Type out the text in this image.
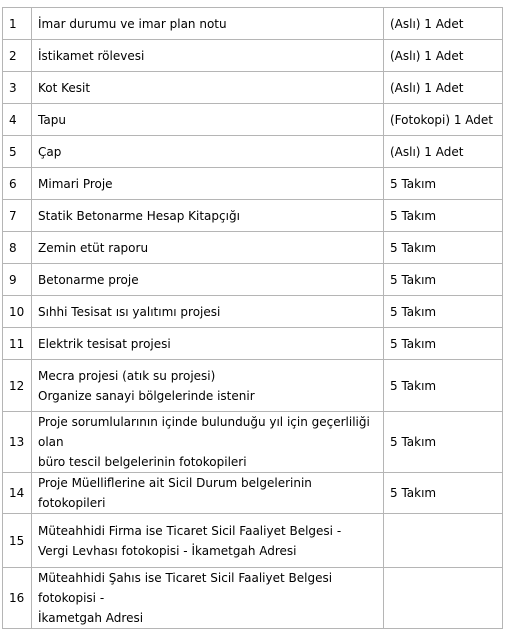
1	İmar durumu ve imar plan notu	(Aslı) 1 Adet
2	İstikamet rölevesi	(Aslı) 1 Adet
3	Kot Kesit	(Aslı) 1 Adet
4	Tapu	(Fotokopi) 1 Adet
5	Çap	(Aslı) 1 Adet
6	Mimari Proje	5 Takım
7	Statik Betonarme Hesap Kitapçığı	5 Takım
8	Zemin etüt raporu	5 Takım
9	Betonarme proje	5 Takım
10	Sıhhi Tesisat ısı yalıtımı projesi	5 Takım
11	Elektrik tesisat projesi	5 Takım
12	Mecra projesi (atık su projesi)
Organize sanayi bölgelerinde istenir	5 Takım
13	Proje sorumlularının içinde bulunduğu yıl için geçerliliği olan
büro tescil belgelerinin fotokopileri	5 Takım
14	Proje Müelliflerine ait Sicil Durum belgelerinin fotokopileri	5 Takım
15	Müteahhidi Firma ise Ticaret Sicil Faaliyet Belgesi -
Vergi Levhası fotokopisi - İkametgah Adresi	

16	Müteahhidi Şahıs ise Ticaret Sicil Faaliyet Belgesi fotokopisi -
İkametgah Adresi	
